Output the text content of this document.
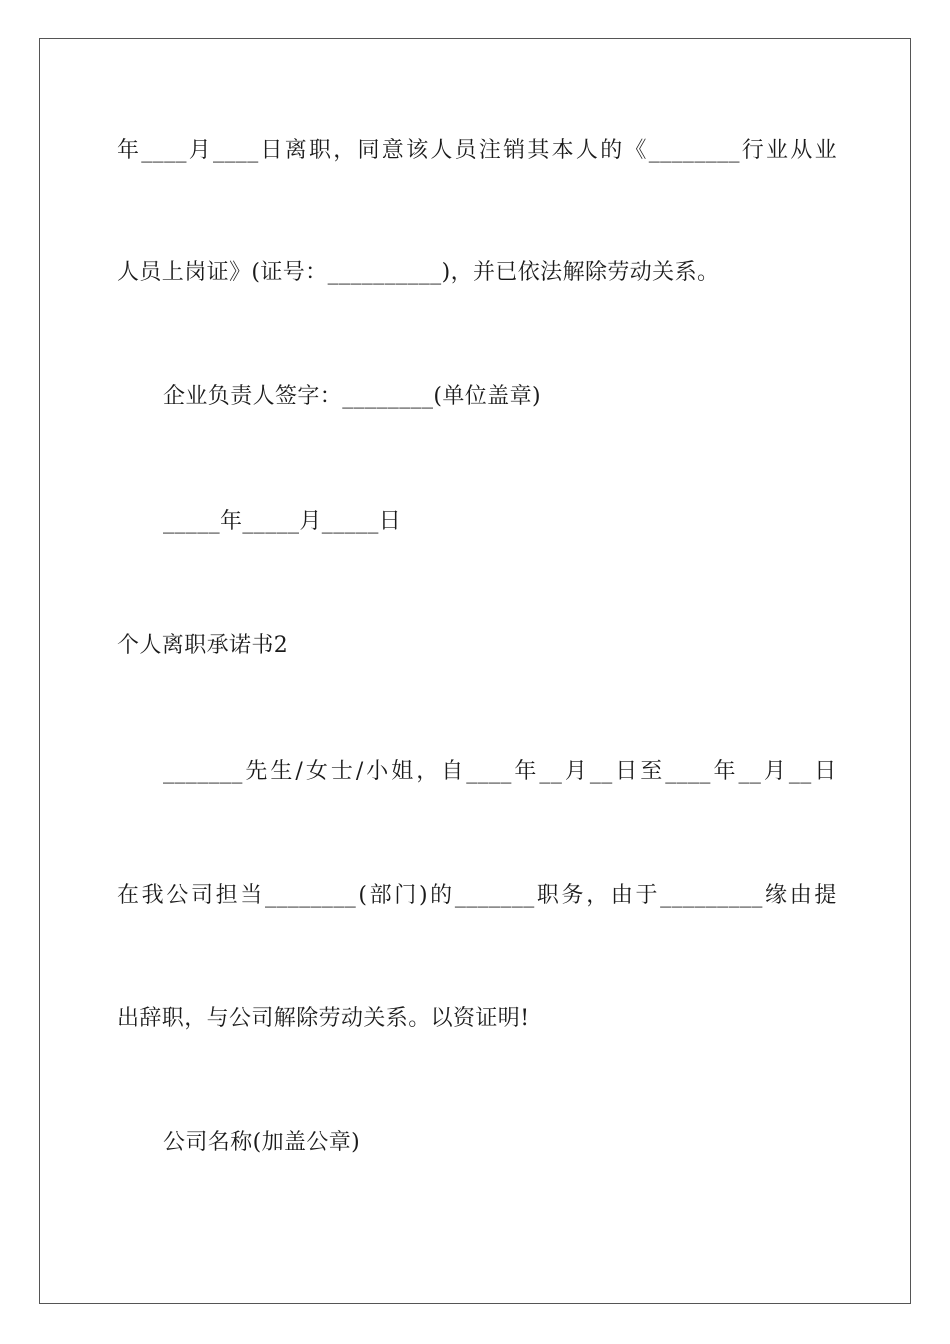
年 ____ 月 ____ 日 离 职 ， 同 意 该 人 员 注 销 其 本 人 的 《 ________ 行 业 从 业
人员上岗证》(证号：__________)，并已依法解除劳动关系。
企业负责人签字：________(单位盖章)
_____年_____月_____日
个人离职承诺书2
_______ 先 生 / 女 士 / 小 姐 ， 自 ____ 年 __ 月 __ 日 至 ____ 年 __ 月 __ 日
在 我 公 司 担 当 ________ ( 部 门 ) 的 _______ 职 务 ， 由 于 _________ 缘 由 提
出辞职，与公司解除劳动关系。以资证明!
公司名称(加盖公章)
